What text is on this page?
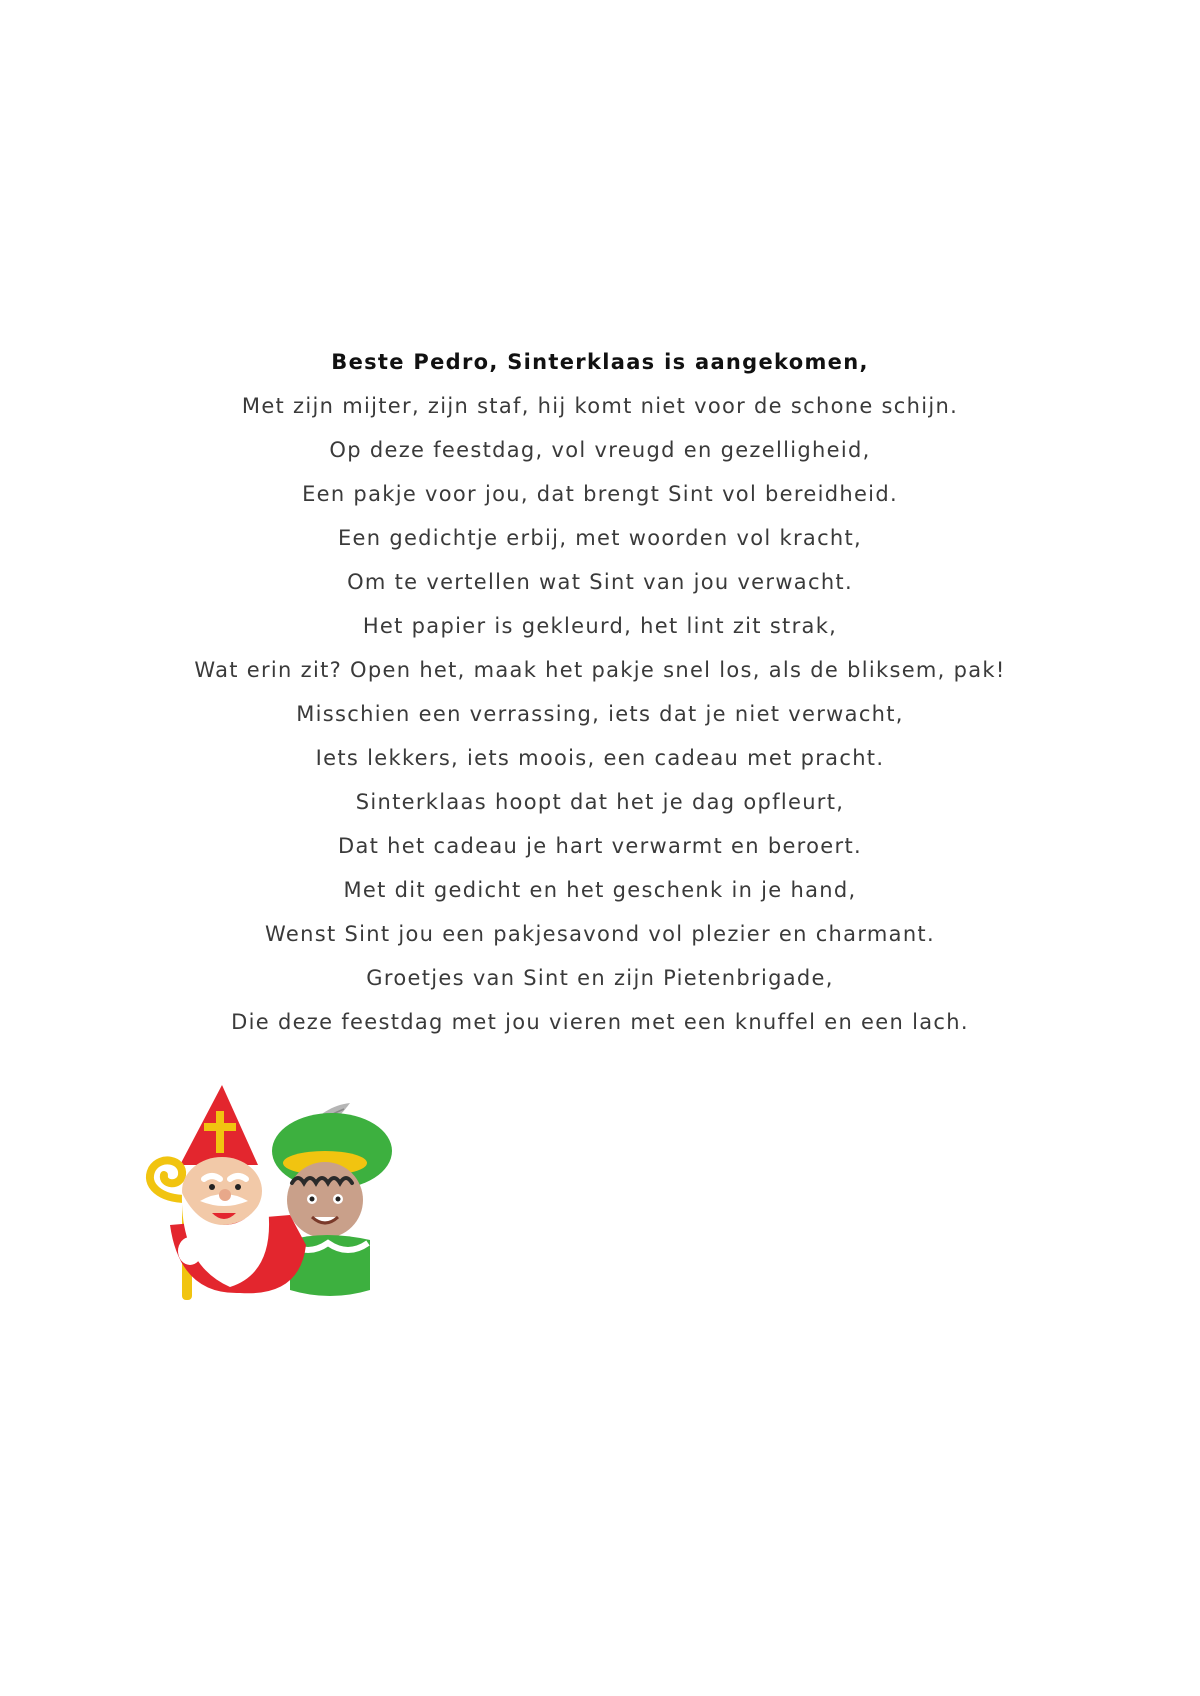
Beste Pedro, Sinterklaas is aangekomen,
Met zijn mijter, zijn staf, hij komt niet voor de schone schijn.
Op deze feestdag, vol vreugd en gezelligheid,
Een pakje voor jou, dat brengt Sint vol bereidheid.
Een gedichtje erbij, met woorden vol kracht,
Om te vertellen wat Sint van jou verwacht.
Het papier is gekleurd, het lint zit strak,
Wat erin zit? Open het, maak het pakje snel los, als de bliksem, pak!
Misschien een verrassing, iets dat je niet verwacht,
Iets lekkers, iets moois, een cadeau met pracht.
Sinterklaas hoopt dat het je dag opfleurt,
Dat het cadeau je hart verwarmt en beroert.
Met dit gedicht en het geschenk in je hand,
Wenst Sint jou een pakjesavond vol plezier en charmant.
Groetjes van Sint en zijn Pietenbrigade,
Die deze feestdag met jou vieren met een knuffel en een lach.
